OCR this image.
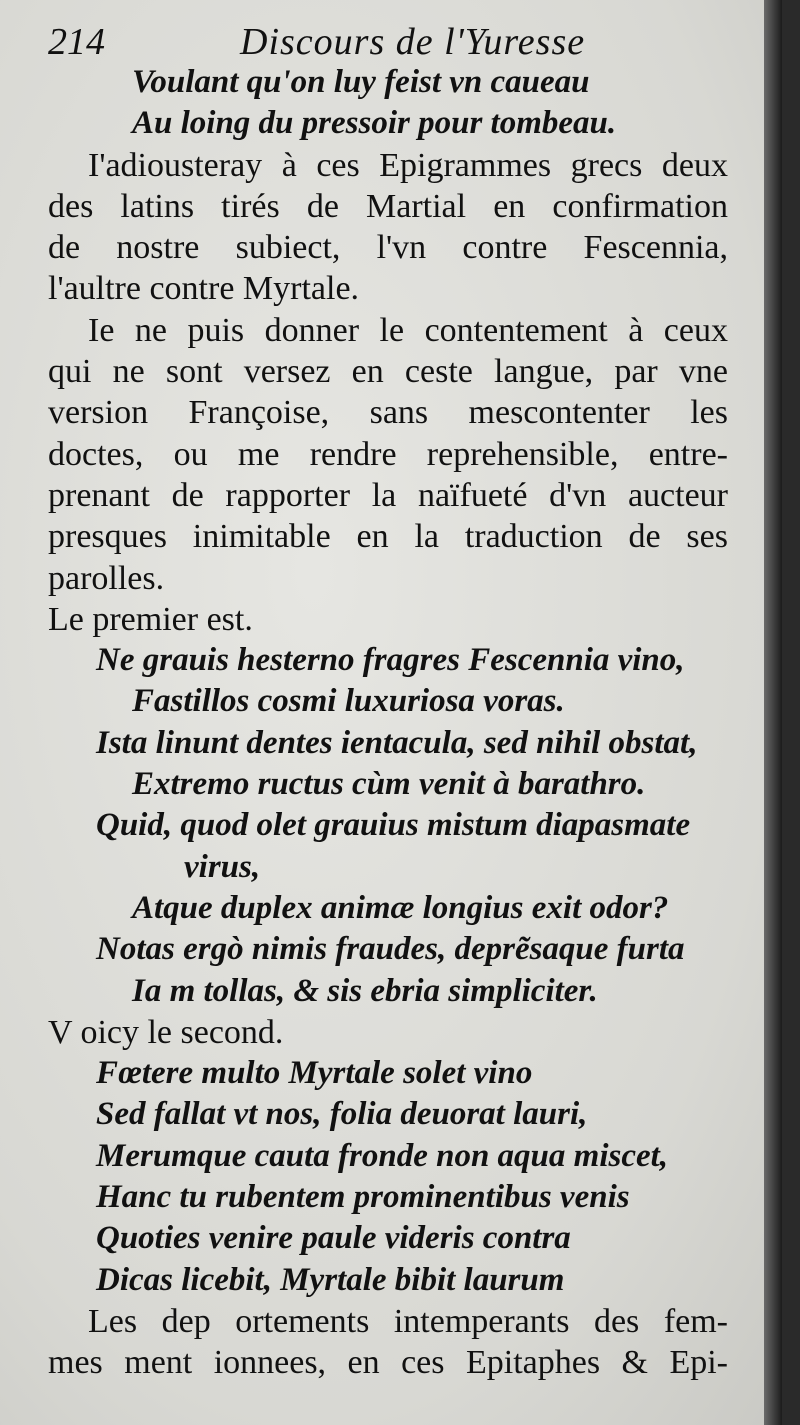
214	Discours de l'Yuresse
Voulant qu'on luy feist vn caueau
Au loing du pressoir pour tombeau.
I'adiousteray à ces Epigrammes grecs deux
des latins tirés de Martial en confirmation
de nostre subiect, l'vn contre Fescennia,
l'aultre contre Myrtale.
Ie ne puis donner le contentement à ceux
qui ne sont versez en ceste langue, par vne
version Françoise, sans mescontenter les
doctes, ou me rendre reprehensible, entre-
prenant de rapporter la naïfueté d'vn aucteur
presques inimitable en la traduction de ses
parolles.
Le premier est.
Ne grauis hesterno fragres Fescennia vino,
Fastillos cosmi luxuriosa voras.
Ista linunt dentes ientacula, sed nihil obstat,
Extremo ructus cùm venit à barathro.
Quid, quod olet grauius mistum diapasmate
virus,
Atque duplex animæ longius exit odor?
Notas ergò nimis fraudes, deprẽsaque furta
Ia m tollas, & sis ebria simpliciter.
V oicy le second.
Fœtere multo Myrtale solet vino
Sed fallat vt nos, folia deuorat lauri,
Merumque cauta fronde non aqua miscet,
Hanc tu rubentem prominentibus venis
Quoties venire paule videris contra
Dicas licebit, Myrtale bibit laurum
Les dep ortements intemperants des fem-
mes ment ionnees, en ces Epitaphes & Epi-
